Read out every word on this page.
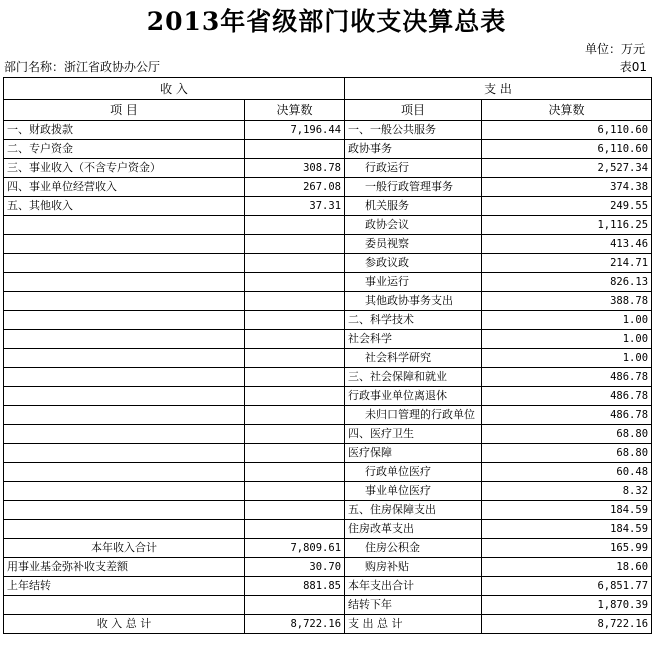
2013年省级部门收支决算总表
单位：万元
部门名称：浙江省政协办公厅	表01
收 入		支 出	
项 目	决算数	项目	决算数
一、财政拨款	7,196.44	一、一般公共服务	6,110.60
二、专户资金		政协事务	6,110.60
三、事业收入（不含专户资金）	308.78	行政运行	2,527.34
四、事业单位经营收入	267.08	一般行政管理事务	374.38
五、其他收入	37.31	机关服务	249.55
		政协会议	1,116.25
		委员视察	413.46
		参政议政	214.71
		事业运行	826.13
		其他政协事务支出	388.78
		二、科学技术	1.00
		社会科学	1.00
		社会科学研究	1.00
		三、社会保障和就业	486.78
		行政事业单位离退休	486.78
		未归口管理的行政单位	486.78
		四、医疗卫生	68.80
		医疗保障	68.80
		行政单位医疗	60.48
		事业单位医疗	8.32
		五、住房保障支出	184.59
		住房改革支出	184.59
本年收入合计	7,809.61	住房公积金	165.99
用事业基金弥补收支差额	30.70	购房补贴	18.60
上年结转	881.85	本年支出合计	6,851.77
		结转下年	1,870.39
收 入 总 计	8,722.16	支 出 总 计	8,722.16
